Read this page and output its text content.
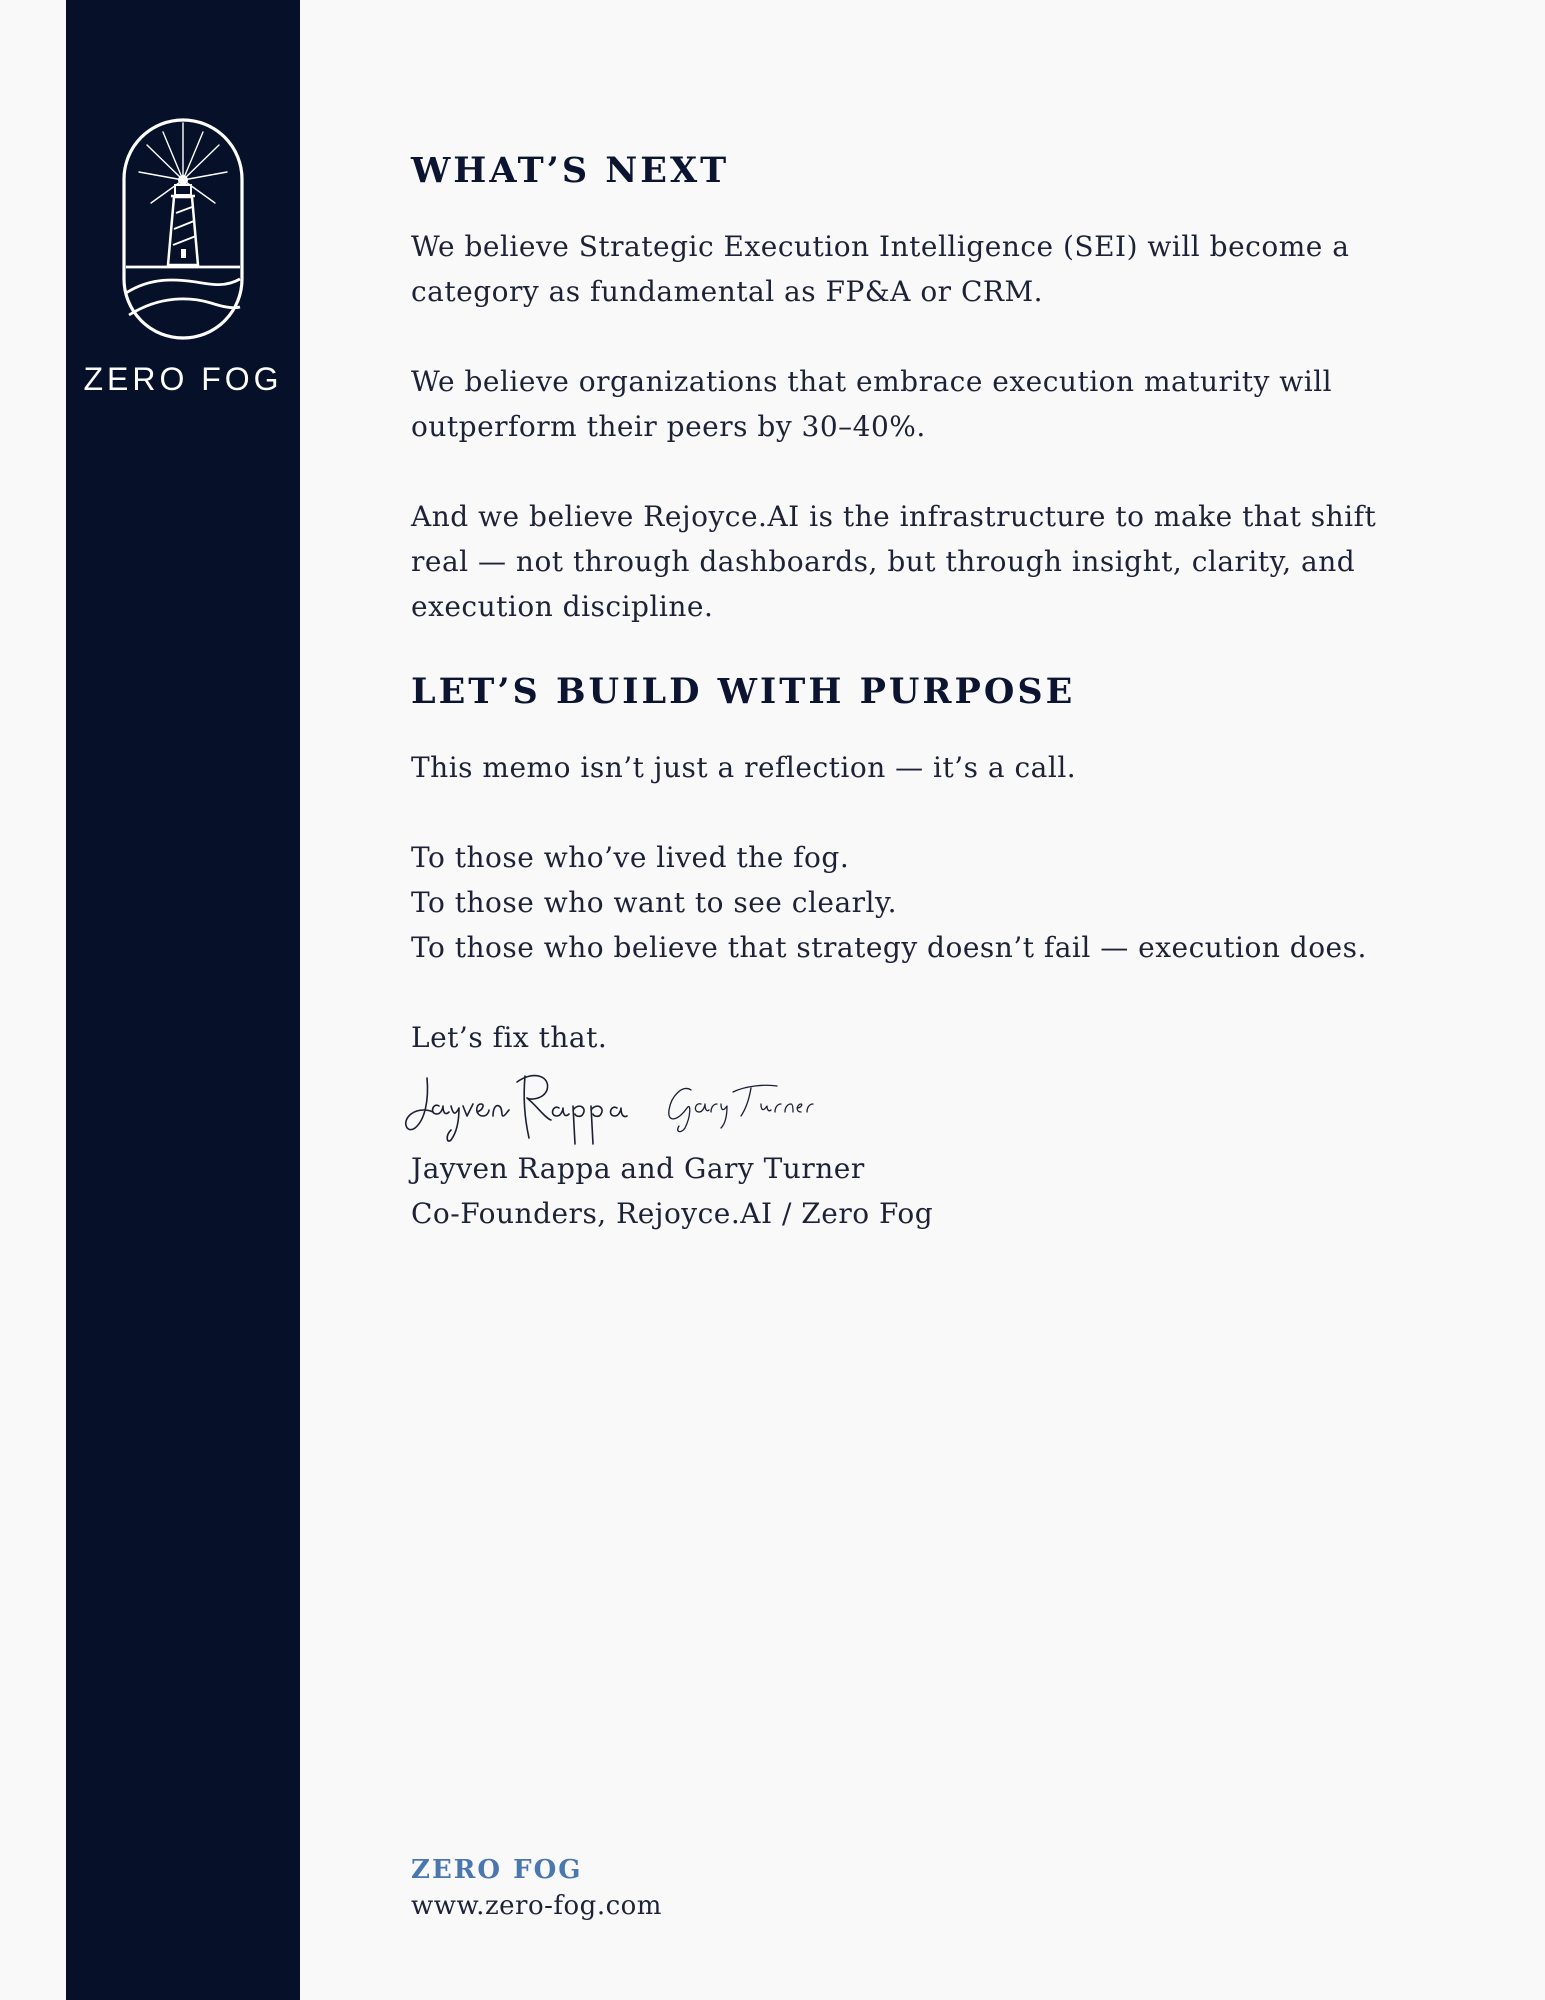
ZERO FOG
WHAT’S NEXT

We believe Strategic Execution Intelligence (SEI) will become a category as fundamental as FP&A or CRM.

We believe organizations that embrace execution maturity will outperform their peers by 30–40%.

And we believe Rejoyce.AI is the infrastructure to make that shift real — not through dashboards, but through insight, clarity, and execution discipline.

LET’S BUILD WITH PURPOSE

This memo isn’t just a reflection — it’s a call.

To those who’ve lived the fog.

To those who want to see clearly.

To those who believe that strategy doesn’t fail — execution does.

Let’s fix that.

Jayven Rappa and Gary Turner

Co-Founders, Rejoyce.AI / Zero Fog

ZERO FOG
www.zero-fog.com
